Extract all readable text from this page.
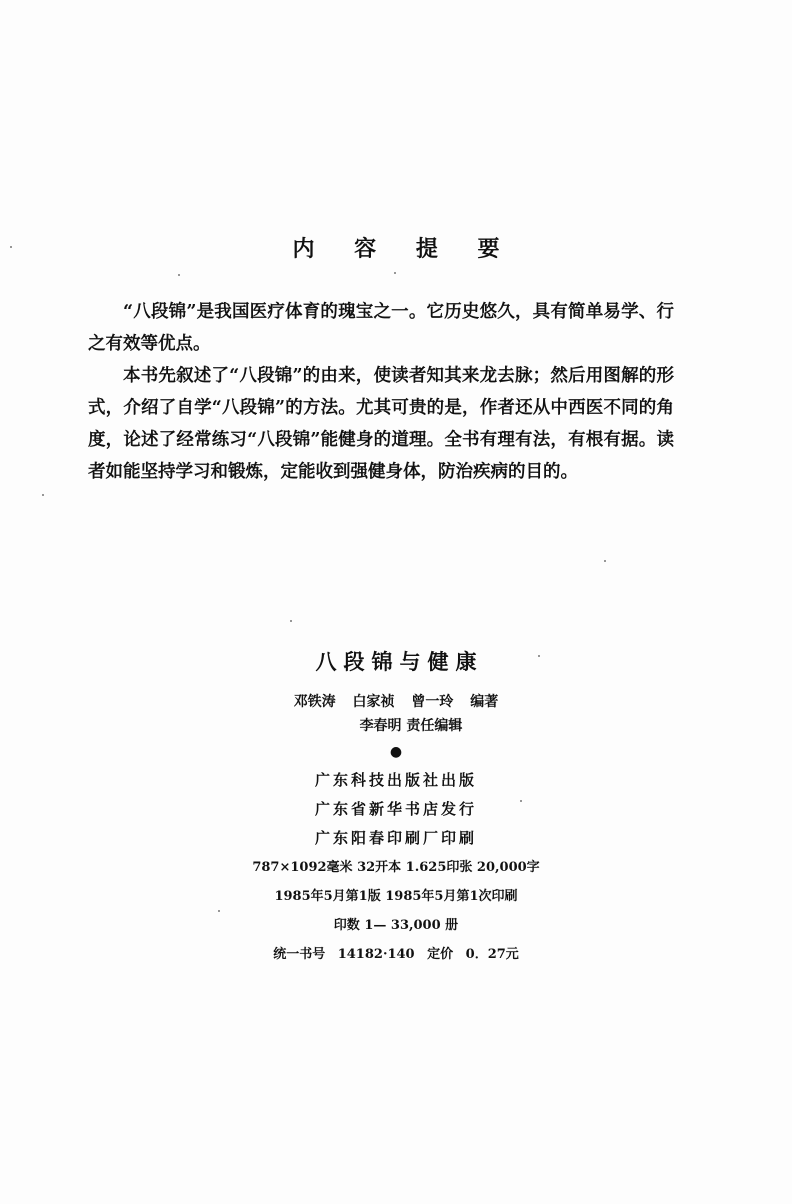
内 容 提 要

“八段锦”是我国医疗体育的瑰宝之一。它历史悠久，具有简单易学、行之有效等优点。

本书先叙述了“八段锦”的由来，使读者知其来龙去脉；然后用图解的形式，介绍了自学“八段锦”的方法。尤其可贵的是，作者还从中西医不同的角度，论述了经常练习“八段锦”能健身的道理。全书有理有法，有根有据。读者如能坚持学习和锻炼，定能收到强健身体，防治疾病的目的。

八段锦与健康
邓铁涛 白家祯 曾一玲 编著
李春明 责任编辑
●
广东科技出版社出版
广东省新华书店发行
广东阳春印刷厂印刷
787×1092毫米 32开本 1.625印张 20,000字
1985年5月第1版 1985年5月第1次印刷
印数 1— 33,000 册
统一书号 14182·140 定价 0．27元
